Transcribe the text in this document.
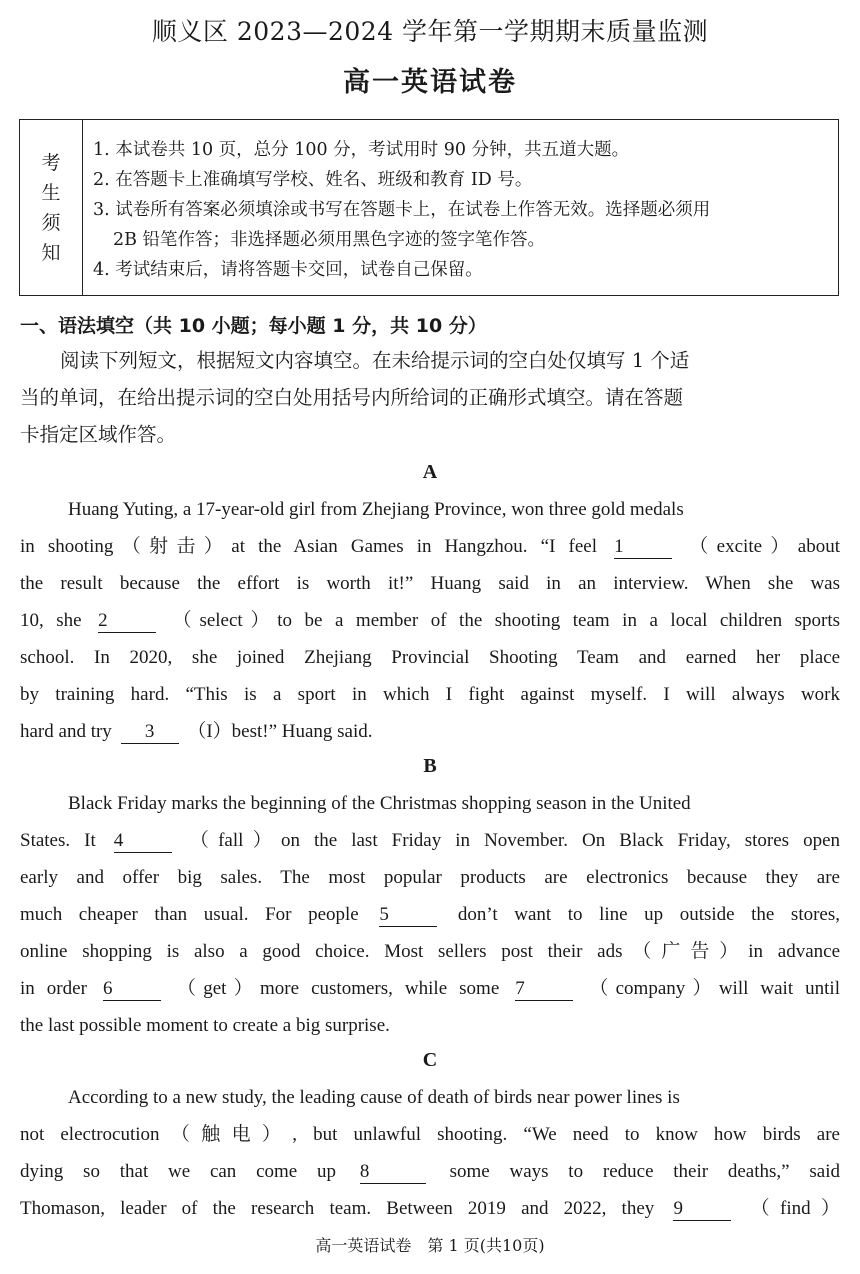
顺义区 2023—2024 学年第一学期期末质量监测
高一英语试卷
考
生
须
知
1. 本试卷共 10 页，总分 100 分，考试用时 90 分钟，共五道大题。
2. 在答题卡上准确填写学校、姓名、班级和教育 ID 号。
3. 试卷所有答案必须填涂或书写在答题卡上，在试卷上作答无效。选择题必须用
2B 铅笔作答；非选择题必须用黑色字迹的签字笔作答。
4. 考试结束后，请将答题卡交回，试卷自己保留。
一、语法填空（共 10 小题；每小题 1 分，共 10 分）
阅读下列短文，根据短文内容填空。在未给提示词的空白处仅填写 1 个适
当的单词，在给出提示词的空白处用括号内所给词的正确形式填空。请在答题
卡指定区域作答。
A
Huang Yuting, a 17-year-old girl from Zhejiang Province, won three gold medals
in shooting（射击）at the Asian Games in Hangzhou. “I feel 1	（excite）about
the result because the effort is worth it!” Huang said in an interview. When she was
10, she 2	（select）to be a member of the shooting team in a local children sports
school. In 2020, she joined Zhejiang Provincial Shooting Team and earned her place
by training hard. “This is a sport in which I fight against myself. I will always work
hard and try 3 （I）best!” Huang said.
B
Black Friday marks the beginning of the Christmas shopping season in the United
States. It 4	（fall）on the last Friday in November. On Black Friday, stores open
early and offer big sales. The most popular products are electronics because they are
much cheaper than usual. For people 5	don’t want to line up outside the stores,
online shopping is also a good choice. Most sellers post their ads（广告）in advance
in order 6	（get）more customers, while some 7	（company）will wait until
the last possible moment to create a big surprise.
C
According to a new study, the leading cause of death of birds near power lines is
not electrocution（触电）, but unlawful shooting. “We need to know how birds are
dying so that we can come up 8	some ways to reduce their deaths,” said
Thomason, leader of the research team. Between 2019 and 2022, they 9	（find）
高一英语试卷　第 1 页(共10页)
